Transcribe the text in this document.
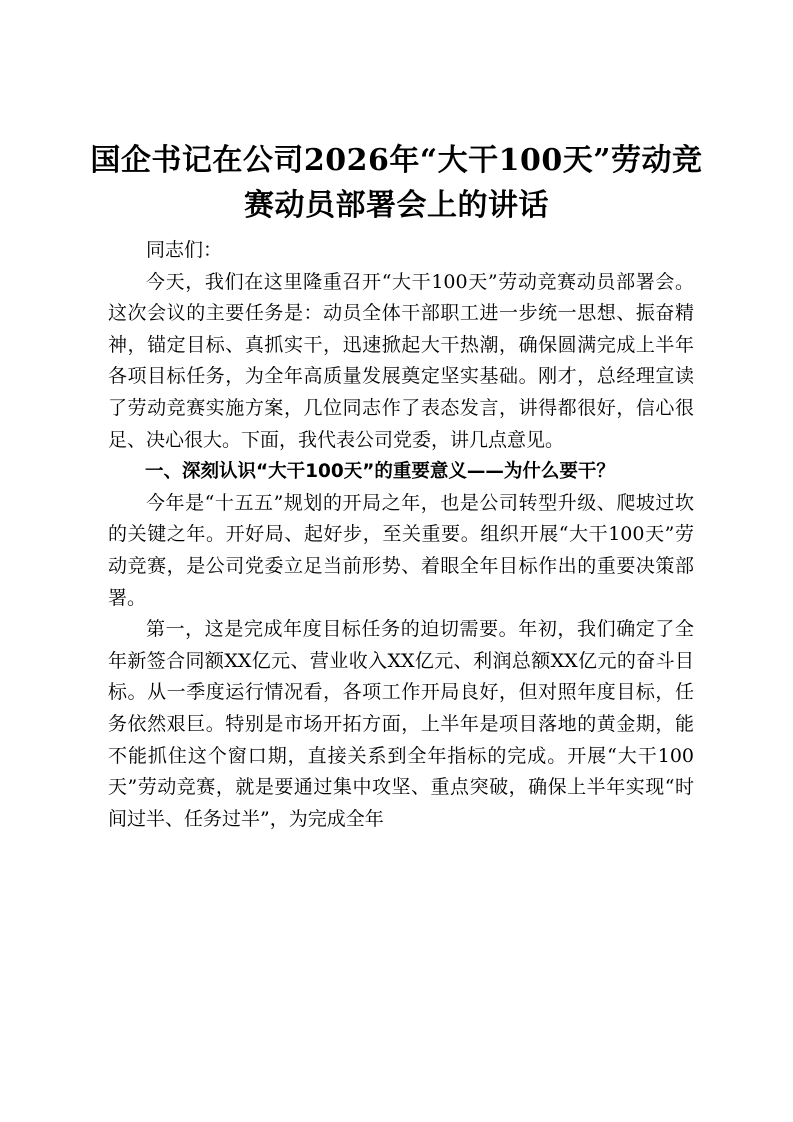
国企书记在公司2026年“大干100天”劳动竞赛动员部署会上的讲话

同志们：

今天，我们在这里隆重召开“大干100天”劳动竞赛动员部署会。这次会议的主要任务是：动员全体干部职工进一步统一思想、振奋精神，锚定目标、真抓实干，迅速掀起大干热潮，确保圆满完成上半年各项目标任务，为全年高质量发展奠定坚实基础。刚才，总经理宣读了劳动竞赛实施方案，几位同志作了表态发言，讲得都很好，信心很足、决心很大。下面，我代表公司党委，讲几点意见。

一、深刻认识“大干100天”的重要意义——为什么要干？

今年是“十五五”规划的开局之年，也是公司转型升级、爬坡过坎的关键之年。开好局、起好步，至关重要。组织开展“大干100天”劳动竞赛，是公司党委立足当前形势、着眼全年目标作出的重要决策部署。

第一，这是完成年度目标任务的迫切需要。年初，我们确定了全年新签合同额XX亿元、营业收入XX亿元、利润总额XX亿元的奋斗目标。从一季度运行情况看，各项工作开局良好，但对照年度目标，任务依然艰巨。特别是市场开拓方面，上半年是项目落地的黄金期，能不能抓住这个窗口期，直接关系到全年指标的完成。开展“大干100天”劳动竞赛，就是要通过集中攻坚、重点突破，确保上半年实现“时间过半、任务过半”，为完成全年
